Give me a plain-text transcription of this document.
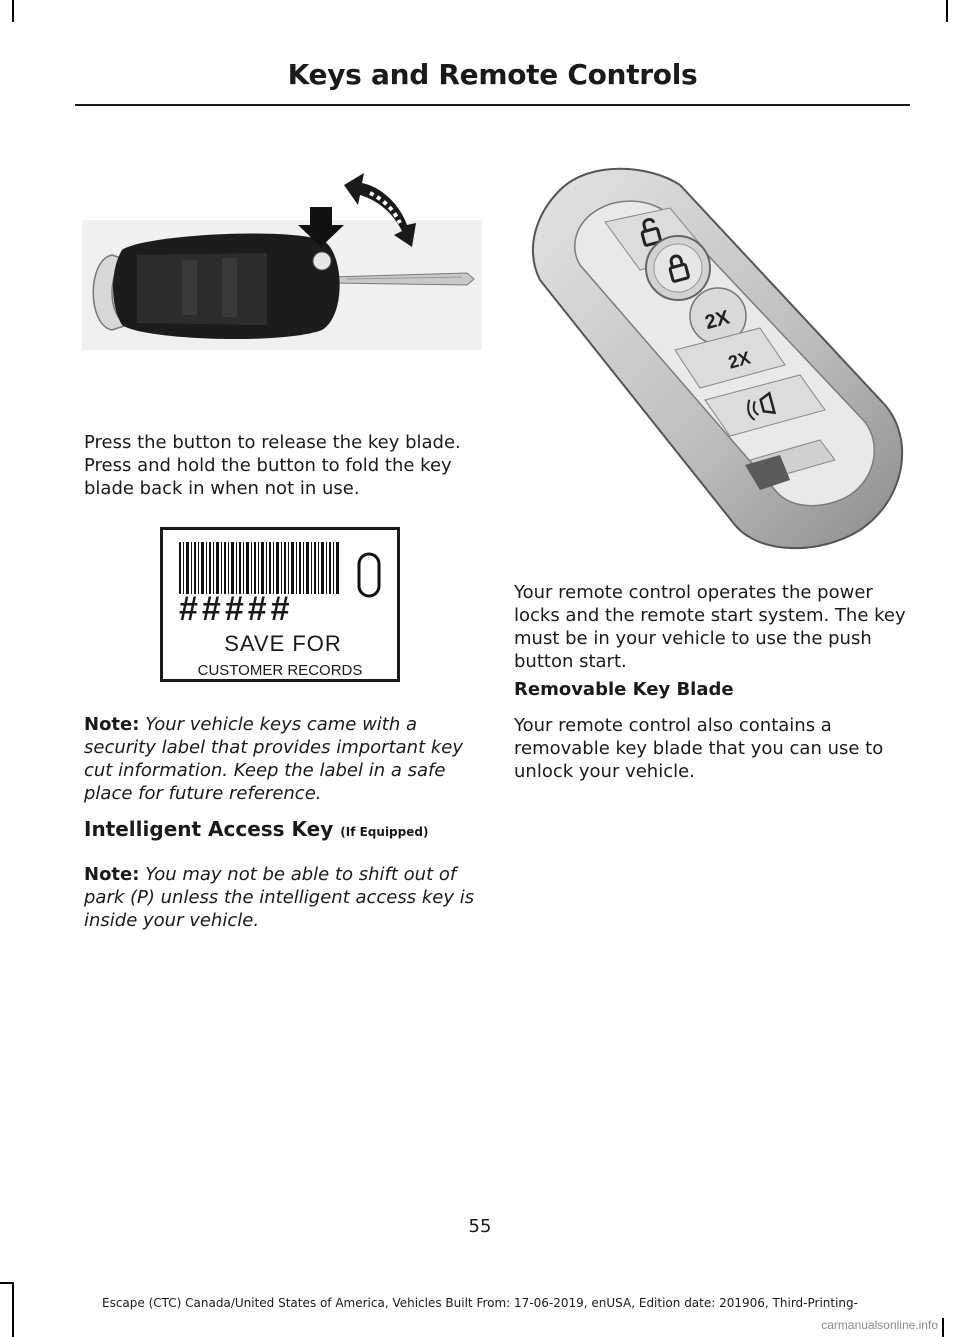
Keys and Remote Controls
Press the button to release the key blade. Press and hold the button to fold the key blade back in when not in use.
#####
SAVE FOR
CUSTOMER RECORDS
Note: Your vehicle keys came with a security label that provides important key cut information. Keep the label in a safe place for future reference.
Intelligent Access Key (If Equipped)
Note: You may not be able to shift out of park (P) unless the intelligent access key is inside your vehicle.
2X
2X
Your remote control operates the power locks and the remote start system. The key must be in your vehicle to use the push button start.
Removable Key Blade
Your remote control also contains a removable key blade that you can use to unlock your vehicle.
55
Escape (CTC) Canada/United States of America, Vehicles Built From: 17-06-2019, enUSA, Edition date: 201906, Third-Printing-
carmanualsonline.info
